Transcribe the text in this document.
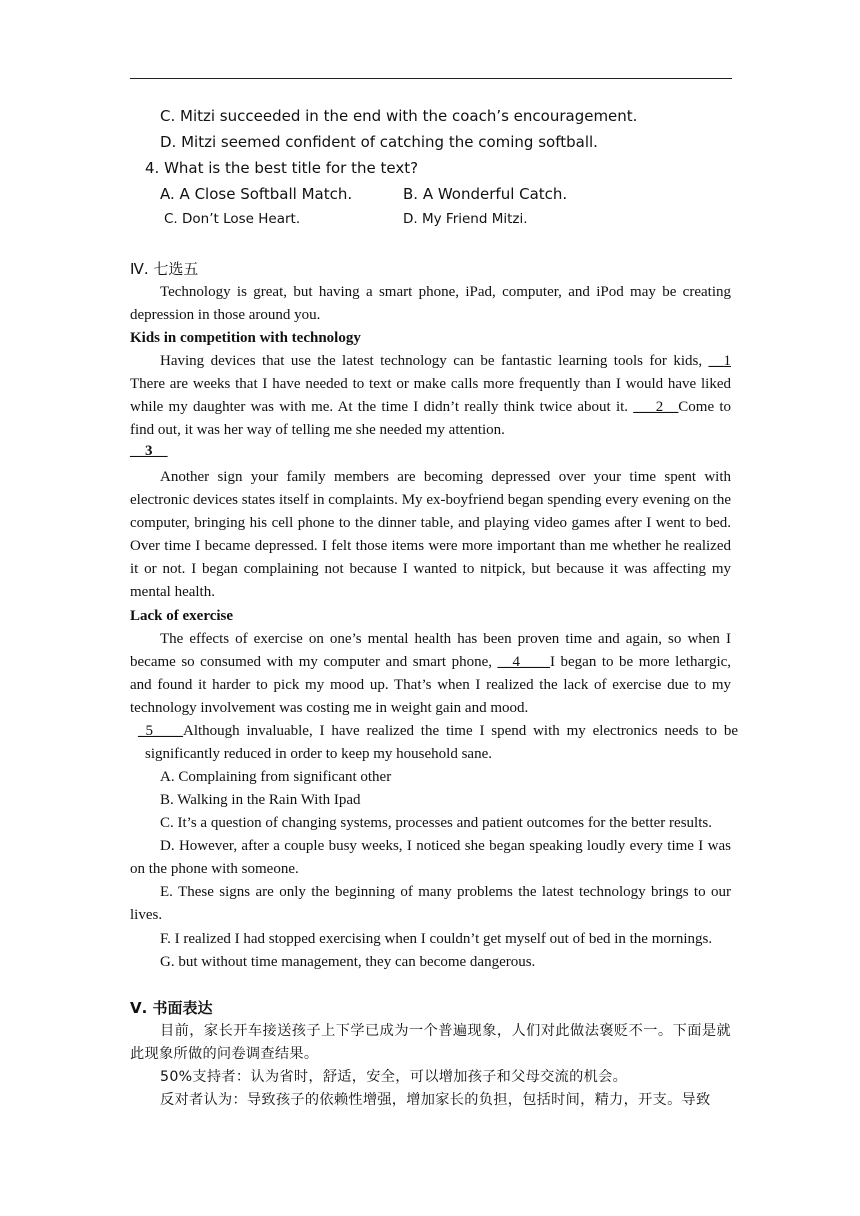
C. Mitzi succeeded in the end with the coach’s encouragement.
D. Mitzi seemed confident of catching the coming softball.
4. What is the best title for the text?
A. A Close Softball Match.	B. A Wonderful Catch.
C. Don’t Lose Heart.	D. My Friend Mitzi.
Ⅳ. 七选五
Technology is great, but having a smart phone, iPad, computer, and iPod may be creating depression in those around you.
Kids in competition with technology
Having devices that use the latest technology can be fantastic learning tools for kids, __1 There are weeks that I have needed to text or make calls more frequently than I would have liked while my daughter was with me. At the time I didn’t really think twice about it. ___2__Come to find out, it was her way of telling me she needed my attention.
__3__
Another sign your family members are becoming depressed over your time spent with electronic devices states itself in complaints. My ex-boyfriend began spending every evening on the computer, bringing his cell phone to the dinner table, and playing video games after I went to bed. Over time I became depressed. I felt those items were more important than me whether he realized it or not. I began complaining not because I wanted to nitpick, but because it was affecting my mental health.
Lack of exercise
The effects of exercise on one’s mental health has been proven time and again, so when I became so consumed with my computer and smart phone, __4____I began to be more lethargic, and found it harder to pick my mood up. That’s when I realized the lack of exercise due to my technology involvement was costing me in weight gain and mood.
_5____Although invaluable, I have realized the time I spend with my electronics needs to be significantly reduced in order to keep my household sane.
A. Complaining from significant other
B. Walking in the Rain With Ipad
C. It’s a question of changing systems, processes and patient outcomes for the better results.
D. However, after a couple busy weeks, I noticed she began speaking loudly every time I was on the phone with someone.
E. These signs are only the beginning of many problems the latest technology brings to our lives.
F. I realized I had stopped exercising when I couldn’t get myself out of bed in the mornings.
G. but without time management, they can become dangerous.
Ⅴ. 书面表达
目前，家长开车接送孩子上下学已成为一个普遍现象，人们对此做法褒贬不一。下面是就此现象所做的问卷调查结果。
50%支持者：认为省时，舒适，安全，可以增加孩子和父母交流的机会。
反对者认为：导致孩子的依赖性增强，增加家长的负担，包括时间，精力，开支。导致
